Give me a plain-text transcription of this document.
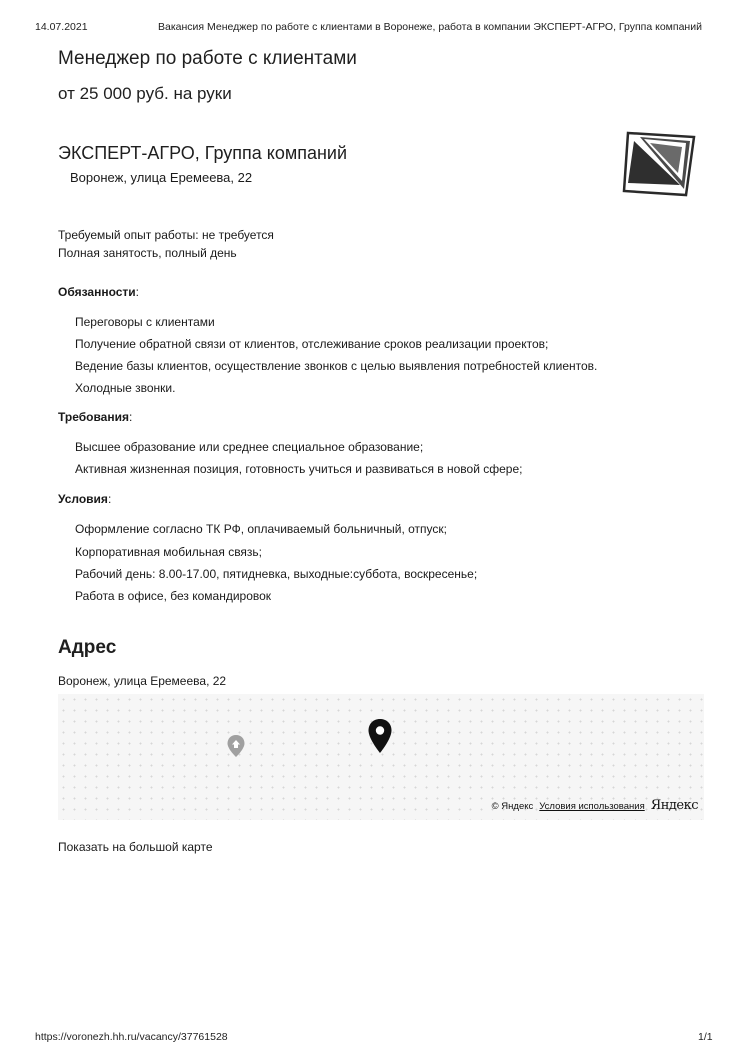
14.07.2021	Вакансия Менеджер по работе с клиентами в Воронеже, работа в компании ЭКСПЕРТ-АГРО, Группа компаний
Менеджер по работе с клиентами
от 25 000 руб. на руки
ЭКСПЕРТ-АГРО, Группа компаний
Воронеж, улица Еремеева, 22
Требуемый опыт работы: не требуется
Полная занятость, полный день
Обязанности:
Переговоры с клиентами
Получение обратной связи от клиентов, отслеживание сроков реализации проектов;
Ведение базы клиентов, осуществление звонков с целью выявления потребностей клиентов.
Холодные звонки.
Требования:
Высшее образование или среднее специальное образование;
Активная жизненная позиция, готовность учиться и развиваться в новой сфере;
Условия:
Оформление согласно ТК РФ, оплачиваемый больничный, отпуск;
Корпоративная мобильная связь;
Рабочий день: 8.00-17.00, пятидневка, выходные:суббота, воскресенье;
Работа в офисе, без командировок
Адрес
Воронеж, улица Еремеева, 22
© Яндекс Условия использования Яндекс
Показать на большой карте
https://voronezh.hh.ru/vacancy/37761528	1/1
